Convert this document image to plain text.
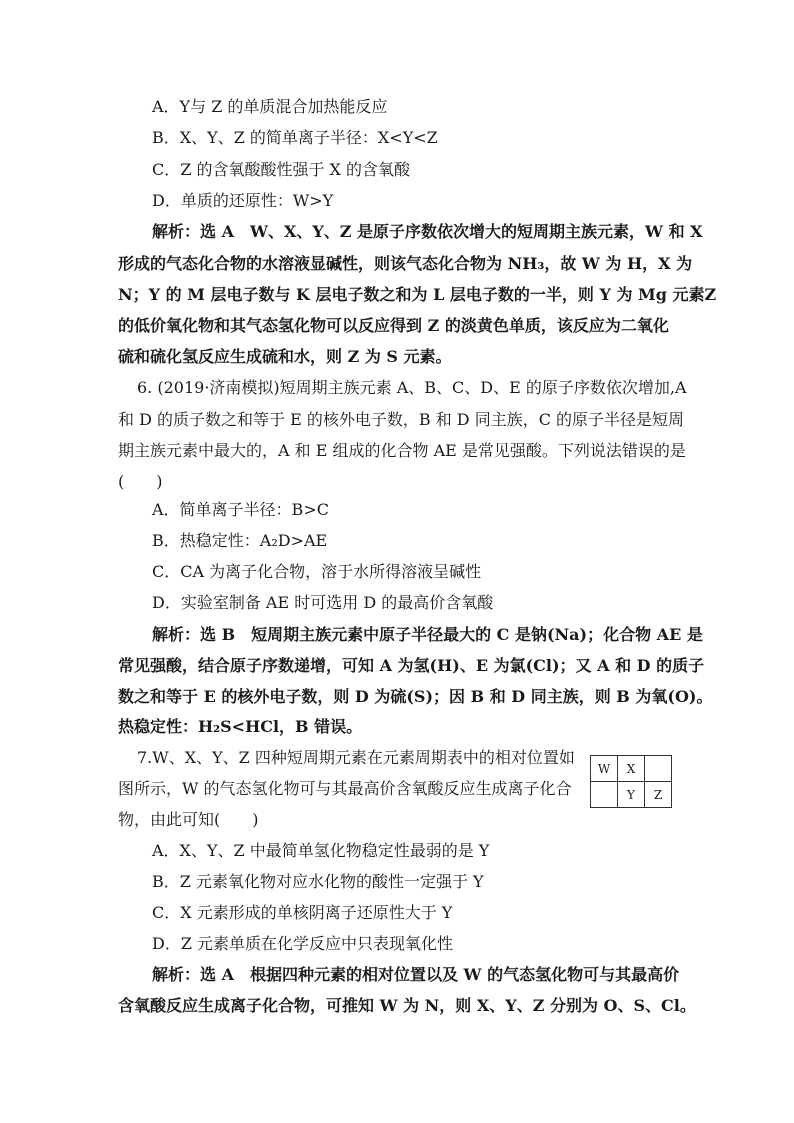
A．Y与 Z 的单质混合加热能反应
B．X、Y、Z 的简单离子半径：X<Y<Z
C．Z 的含氧酸酸性强于 X 的含氧酸
D．单质的还原性：W>Y
解析：选 A　W、X、Y、Z 是原子序数依次增大的短周期主族元素，W 和 X
形成的气态化合物的水溶液显碱性，则该气态化合物为 NH₃，故 W 为 H，X 为
N；Y 的 M 层电子数与 K 层电子数之和为 L 层电子数的一半，则 Y 为 Mg 元素Z
的低价氧化物和其气态氢化物可以反应得到 Z 的淡黄色单质，该反应为二氧化
硫和硫化氢反应生成硫和水，则 Z 为 S 元素。
6. (2019·济南模拟)短周期主族元素 A、B、C、D、E 的原子序数依次增加,A
和 D 的质子数之和等于 E 的核外电子数，B 和 D 同主族，C 的原子半径是短周
期主族元素中最大的，A 和 E 组成的化合物 AE 是常见强酸。下列说法错误的是
(　　)
A．简单离子半径：B>C
B．热稳定性：A₂D>AE
C．CA 为离子化合物，溶于水所得溶液呈碱性
D．实验室制备 AE 时可选用 D 的最高价含氧酸
解析：选 B　短周期主族元素中原子半径最大的 C 是钠(Na)；化合物 AE 是
常见强酸，结合原子序数递增，可知 A 为氢(H)、E 为氯(Cl)；又 A 和 D 的质子
数之和等于 E 的核外电子数，则 D 为硫(S)；因 B 和 D 同主族，则 B 为氧(O)。
热稳定性：H₂S<HCl，B 错误。
7.W、X、Y、Z 四种短周期元素在元素周期表中的相对位置如
图所示，W 的气态氢化物可与其最高价含氧酸反应生成离子化合
物，由此可知(　　)
W	X	
	Y	Z
A．X、Y、Z 中最简单氢化物稳定性最弱的是 Y
B．Z 元素氧化物对应水化物的酸性一定强于 Y
C．X 元素形成的单核阴离子还原性大于 Y
D．Z 元素单质在化学反应中只表现氧化性
解析：选 A　根据四种元素的相对位置以及 W 的气态氢化物可与其最高价
含氧酸反应生成离子化合物，可推知 W 为 N，则 X、Y、Z 分别为 O、S、Cl。
